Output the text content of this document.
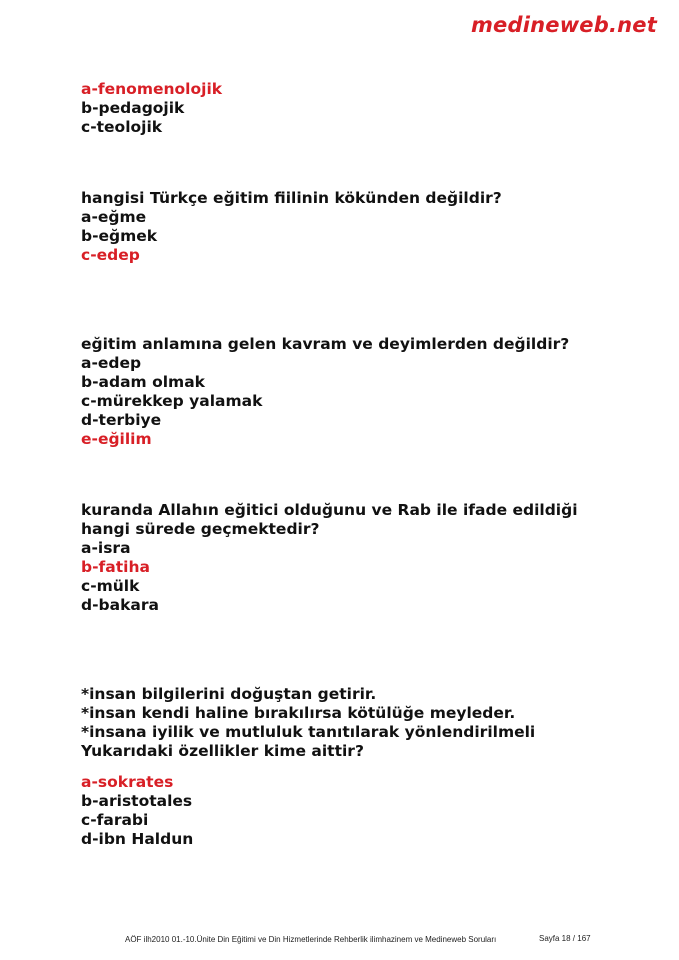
medineweb.net
a-fenomenolojik
b-pedagojik
c-teolojik
hangisi Türkçe eğitim fiilinin kökünden değildir?
a-eğme
b-eğmek
c-edep
eğitim anlamına gelen kavram ve deyimlerden değildir?
a-edep
b-adam olmak
c-mürekkep yalamak
d-terbiye
e-eğilim
kuranda Allahın eğitici olduğunu ve Rab ile ifade edildiği
hangi sürede geçmektedir?
a-isra
b-fatiha
c-mülk
d-bakara
*insan bilgilerini doğuştan getirir.
*insan kendi haline bırakılırsa kötülüğe meyleder.
*insana iyilik ve mutluluk tanıtılarak yönlendirilmeli
Yukarıdaki özellikler kime aittir?
a-sokrates
b-aristotales
c-farabi
d-ibn Haldun
AÖF ilh2010 01.-10.Ünite Din Eğitimi ve Din Hizmetlerinde Rehberlik ilimhazinem ve Medineweb Soruları	Sayfa 18 / 167
